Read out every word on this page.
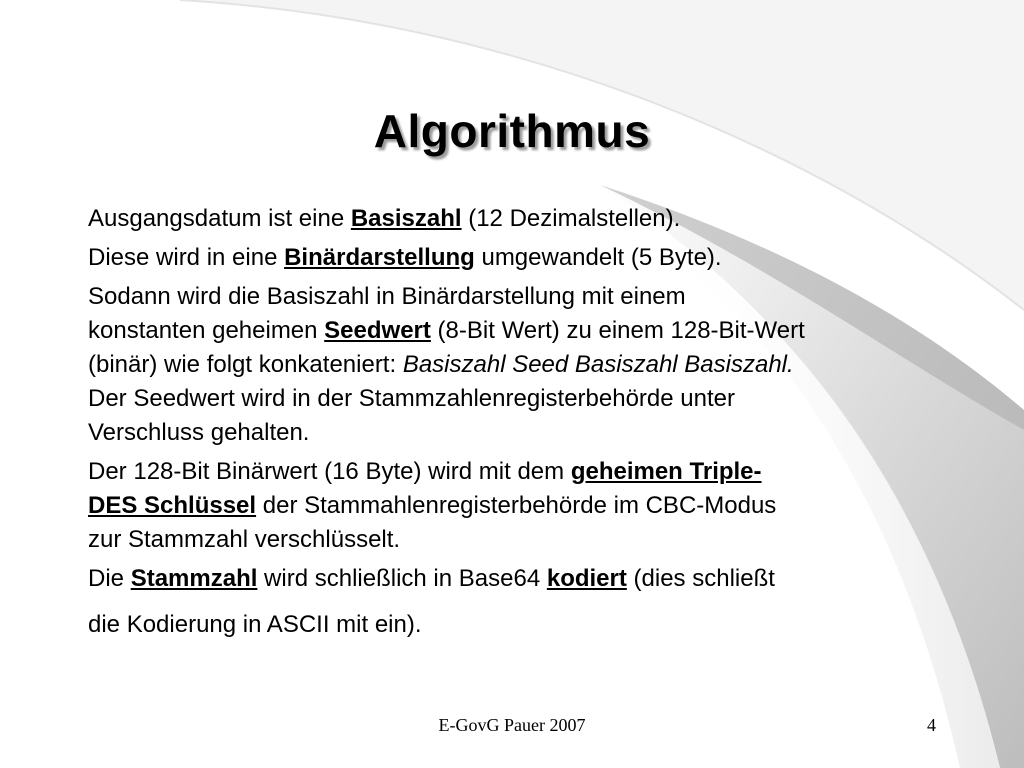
Algorithmus

Ausgangsdatum ist eine Basiszahl (12 Dezimalstellen).

Diese wird in eine Binärdarstellung umgewandelt (5 Byte).

Sodann wird die Basiszahl in Binärdarstellung mit einem
konstanten geheimen Seedwert (8-Bit Wert) zu einem 128-Bit-Wert
(binär) wie folgt konkateniert: Basiszahl Seed Basiszahl Basiszahl.
Der Seedwert wird in der Stammzahlenregisterbehörde unter
Verschluss gehalten.

Der 128-Bit Binärwert (16 Byte) wird mit dem geheimen Triple-
DES Schlüssel der Stammahlenregisterbehörde im CBC-Modus
zur Stammzahl verschlüsselt.

Die Stammzahl wird schließlich in Base64 kodiert (dies schließt
die Kodierung in ASCII mit ein).

E-GovG Pauer 2007	4
